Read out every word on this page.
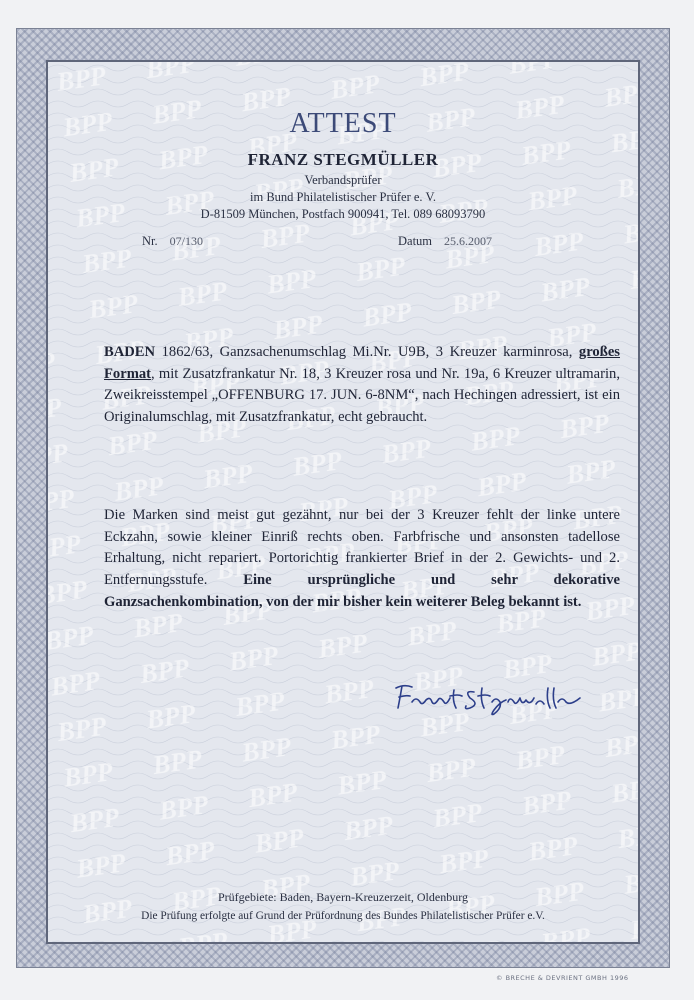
ATTEST
FRANZ STEGMÜLLER
Verbandsprüfer
im Bund Philatelistischer Prüfer e. V.
D-81509 München, Postfach 900941, Tel. 089 68093790
Nr. 07/130	Datum 25.6.2007
BADEN 1862/63, Ganzsachenumschlag Mi.Nr. U9B, 3 Kreuzer karminrosa, großes Format, mit Zusatzfrankatur Nr. 18, 3 Kreuzer rosa und Nr. 19a, 6 Kreuzer ultramarin, Zweikreisstempel „OFFENBURG 17. JUN. 6-8NM“, nach Hechingen adressiert, ist ein Originalumschlag, mit Zusatzfrankatur, echt gebraucht.
Die Marken sind meist gut gezähnt, nur bei der 3 Kreuzer fehlt der linke untere Eckzahn, sowie kleiner Einriß rechts oben. Farbfrische und ansonsten tadellose Erhaltung, nicht repariert. Portorichtig frankierter Brief in der 2. Gewichts- und 2. Entfernungsstufe. Eine ursprüngliche und sehr dekorative Ganzsachenkombination, von der mir bisher kein weiterer Beleg bekannt ist.
Prüfgebiete: Baden, Bayern-Kreuzerzeit, Oldenburg
Die Prüfung erfolgte auf Grund der Prüfordnung des Bundes Philatelistischer Prüfer e.V.
© BRECHE & DEVRIENT GMBH 1996
